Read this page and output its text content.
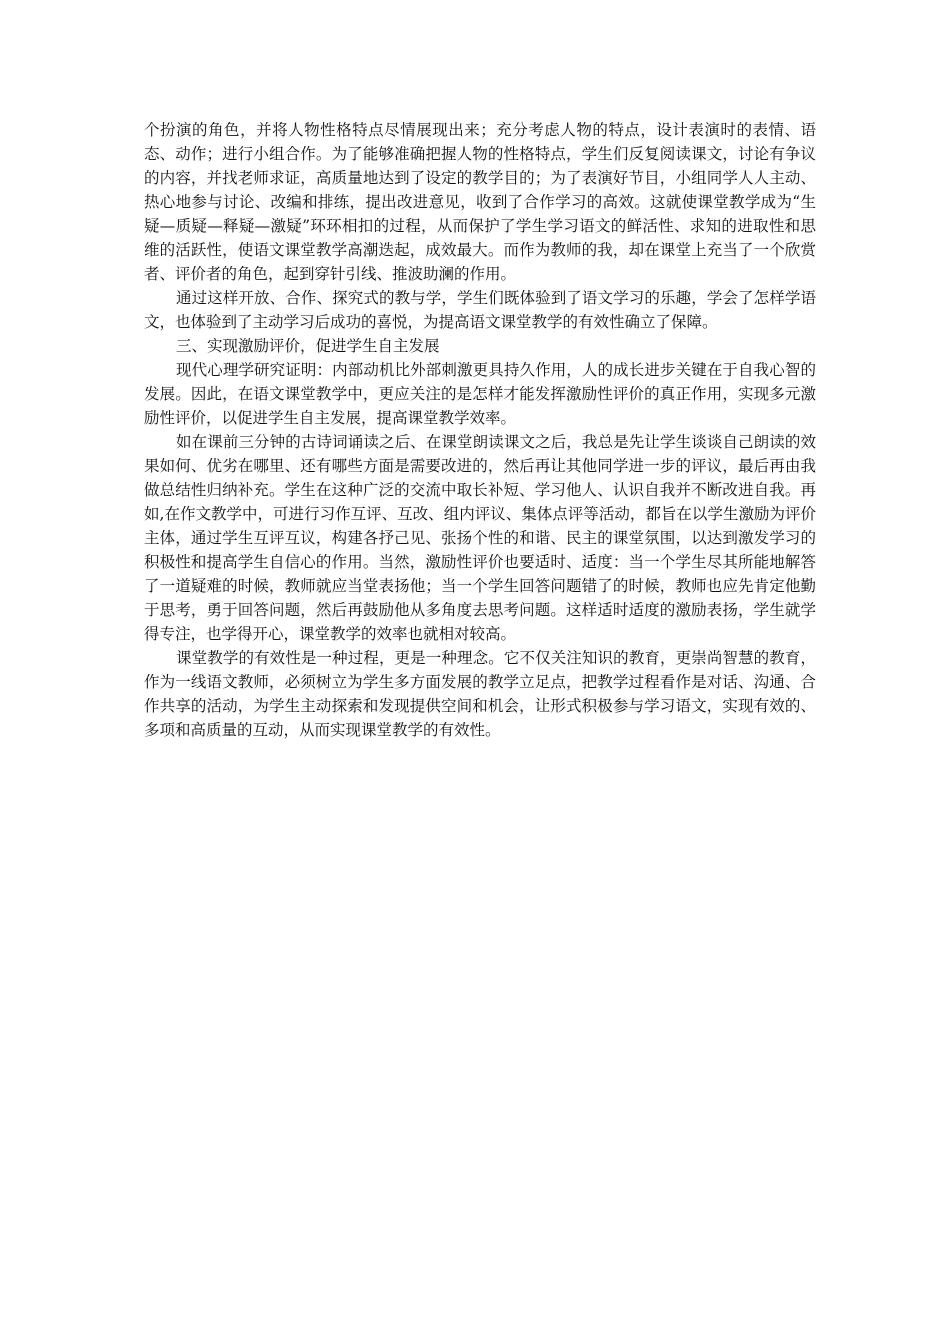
个扮演的角色，并将人物性格特点尽情展现出来；充分考虑人物的特点，设计表演时的表情、语态、动作；进行小组合作。为了能够准确把握人物的性格特点，学生们反复阅读课文，讨论有争议的内容，并找老师求证，高质量地达到了设定的教学目的；为了表演好节目，小组同学人人主动、热心地参与讨论、改编和排练，提出改进意见，收到了合作学习的高效。这就使课堂教学成为“生疑—质疑—释疑—激疑”环环相扣的过程，从而保护了学生学习语文的鲜活性、求知的进取性和思维的活跃性，使语文课堂教学高潮迭起，成效最大。而作为教师的我，却在课堂上充当了一个欣赏者、评价者的角色，起到穿针引线、推波助澜的作用。

通过这样开放、合作、探究式的教与学，学生们既体验到了语文学习的乐趣，学会了怎样学语文，也体验到了主动学习后成功的喜悦，为提高语文课堂教学的有效性确立了保障。

三、实现激励评价，促进学生自主发展

现代心理学研究证明：内部动机比外部刺激更具持久作用，人的成长进步关键在于自我心智的发展。因此，在语文课堂教学中，更应关注的是怎样才能发挥激励性评价的真正作用，实现多元激励性评价，以促进学生自主发展，提高课堂教学效率。

如在课前三分钟的古诗词诵读之后、在课堂朗读课文之后，我总是先让学生谈谈自己朗读的效果如何、优劣在哪里、还有哪些方面是需要改进的，然后再让其他同学进一步的评议，最后再由我做总结性归纳补充。学生在这种广泛的交流中取长补短、学习他人、认识自我并不断改进自我。再如,在作文教学中，可进行习作互评、互改、组内评议、集体点评等活动，都旨在以学生激励为评价主体，通过学生互评互议，构建各抒己见、张扬个性的和谐、民主的课堂氛围，以达到激发学习的积极性和提高学生自信心的作用。当然，激励性评价也要适时、适度：当一个学生尽其所能地解答了一道疑难的时候，教师就应当堂表扬他；当一个学生回答问题错了的时候，教师也应先肯定他勤于思考，勇于回答问题，然后再鼓励他从多角度去思考问题。这样适时适度的激励表扬，学生就学得专注，也学得开心，课堂教学的效率也就相对较高。

课堂教学的有效性是一种过程，更是一种理念。它不仅关注知识的教育，更崇尚智慧的教育，作为一线语文教师，必须树立为学生多方面发展的教学立足点，把教学过程看作是对话、沟通、合作共享的活动，为学生主动探索和发现提供空间和机会，让形式积极参与学习语文，实现有效的、多项和高质量的互动，从而实现课堂教学的有效性。
